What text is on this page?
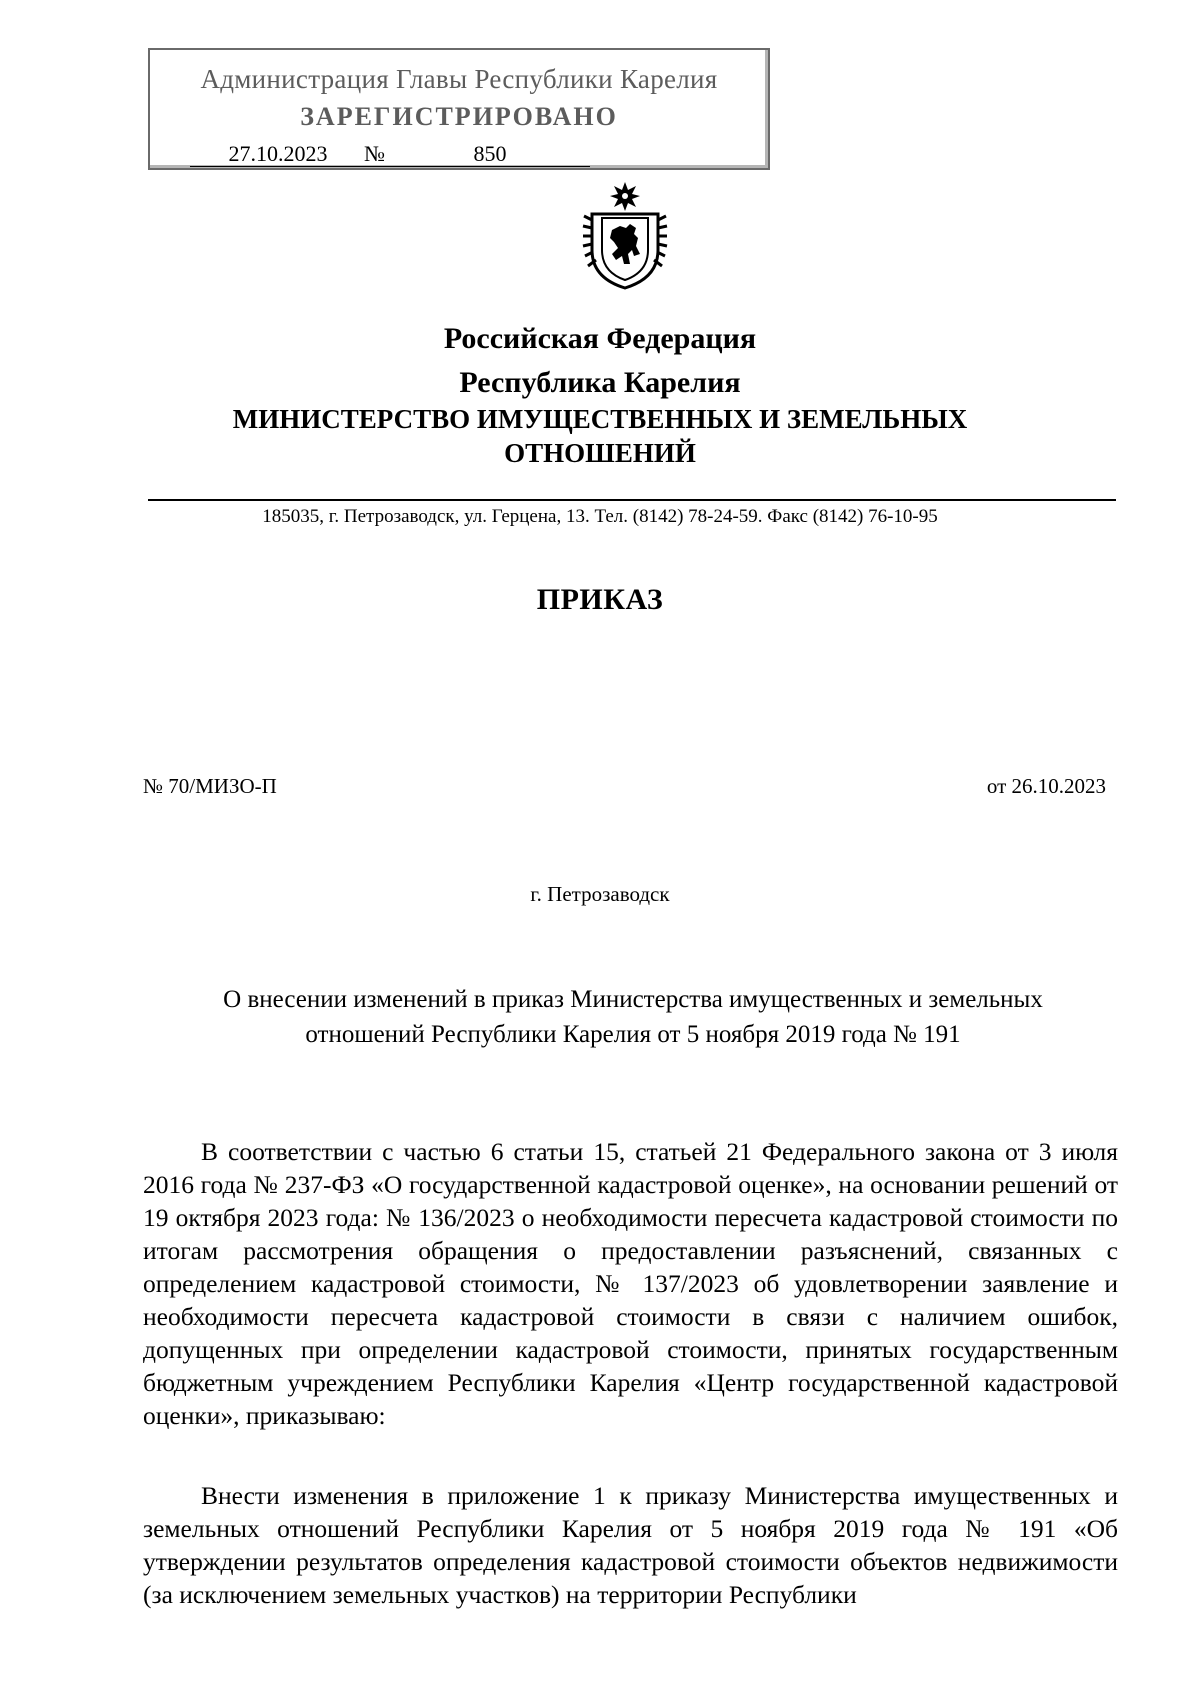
Администрация Главы Республики Карелия
ЗАРЕГИСТРИРОВАНО
27.10.2023	№	850
Российская Федерация
Республика Карелия
МИНИСТЕРСТВО ИМУЩЕСТВЕННЫХ И ЗЕМЕЛЬНЫХ
ОТНОШЕНИЙ
185035, г. Петрозаводск, ул. Герцена, 13. Тел. (8142) 78-24-59. Факс (8142) 76-10-95
ПРИКАЗ
№ 70/МИЗО-П	от 26.10.2023
г. Петрозаводск
О внесении изменений в приказ Министерства имущественных и земельных
отношений Республики Карелия от 5 ноября 2019 года № 191

В соответствии с частью 6 статьи 15, статьей 21 Федерального закона от 3 июля 2016 года № 237-ФЗ «О государственной кадастровой оценке», на основании решений от 19 октября 2023 года: № 136/2023 о необходимости пересчета кадастровой стоимости по итогам рассмотрения обращения о предоставлении разъяснений, связанных с определением кадастровой стоимости, № 137/2023 об удовлетворении заявление и необходимости пересчета кадастровой стоимости в связи с наличием ошибок, допущенных при определении кадастровой стоимости, принятых государственным бюджетным учреждением Республики Карелия «Центр государственной кадастровой оценки», приказываю:

Внести изменения в приложение 1 к приказу Министерства имущественных и земельных отношений Республики Карелия от 5 ноября 2019 года № 191 «Об утверждении результатов определения кадастровой стоимости объектов недвижимости (за исключением земельных участков) на территории Республики
